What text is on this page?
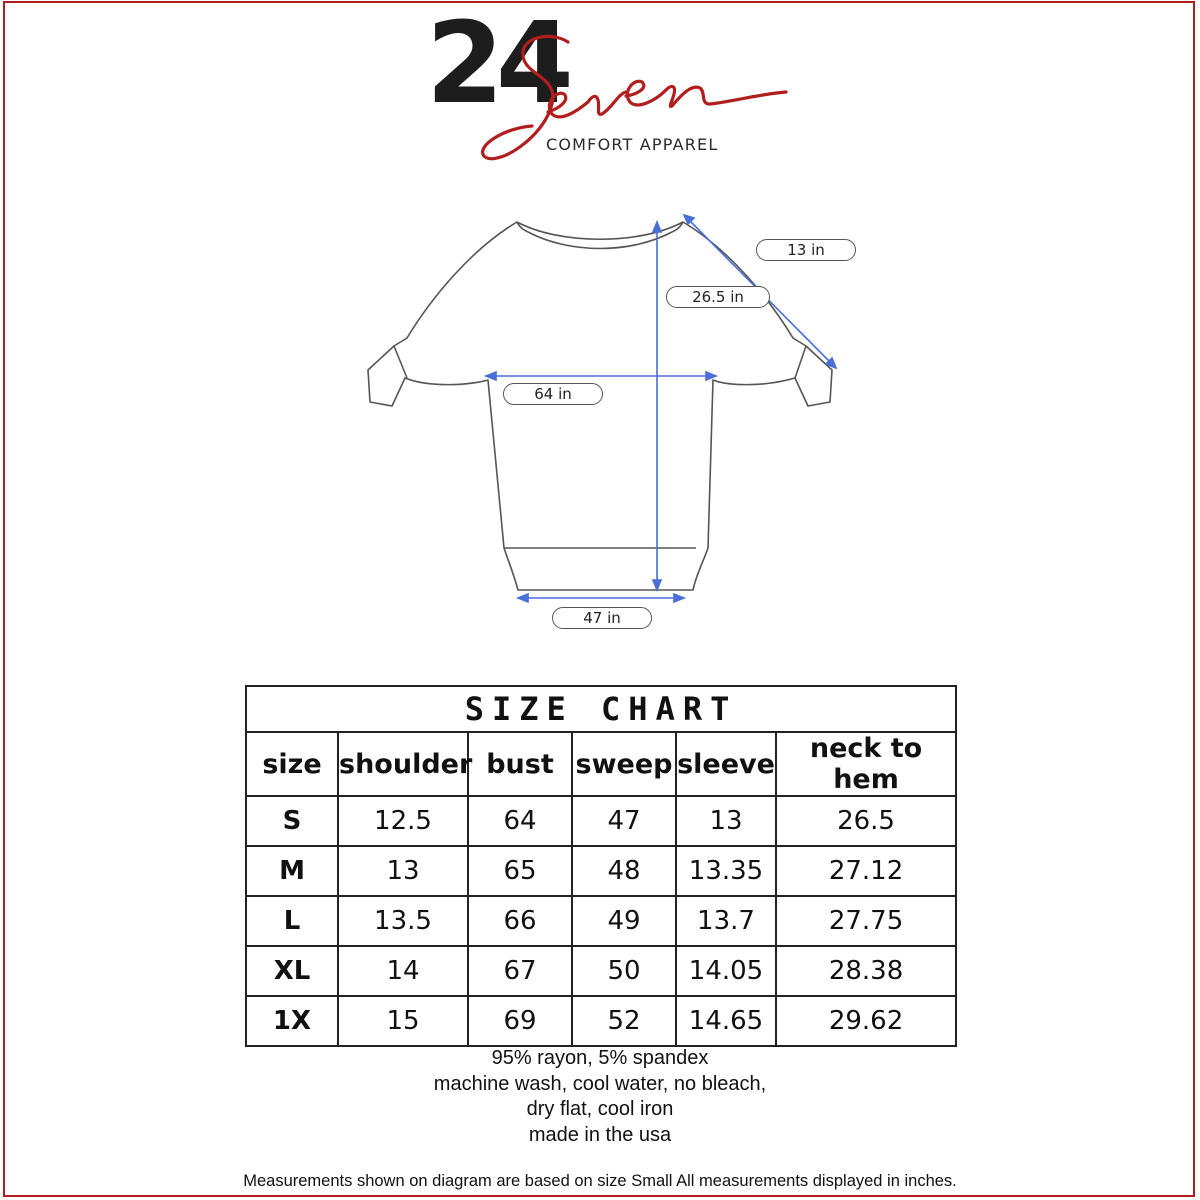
24
COMFORT APPAREL
13 in
26.5 in
64 in
47 in
SIZE CHART					
size	shoulder	bust	sweep	sleeve	neck to hem
S	12.5	64	47	13	26.5
M	13	65	48	13.35	27.12
L	13.5	66	49	13.7	27.75
XL	14	67	50	14.05	28.38
1X	15	69	52	14.65	29.62
95% rayon, 5% spandex
machine wash, cool water, no bleach,
dry flat, cool iron
made in the usa
Measurements shown on diagram are based on size Small All measurements displayed in inches.
